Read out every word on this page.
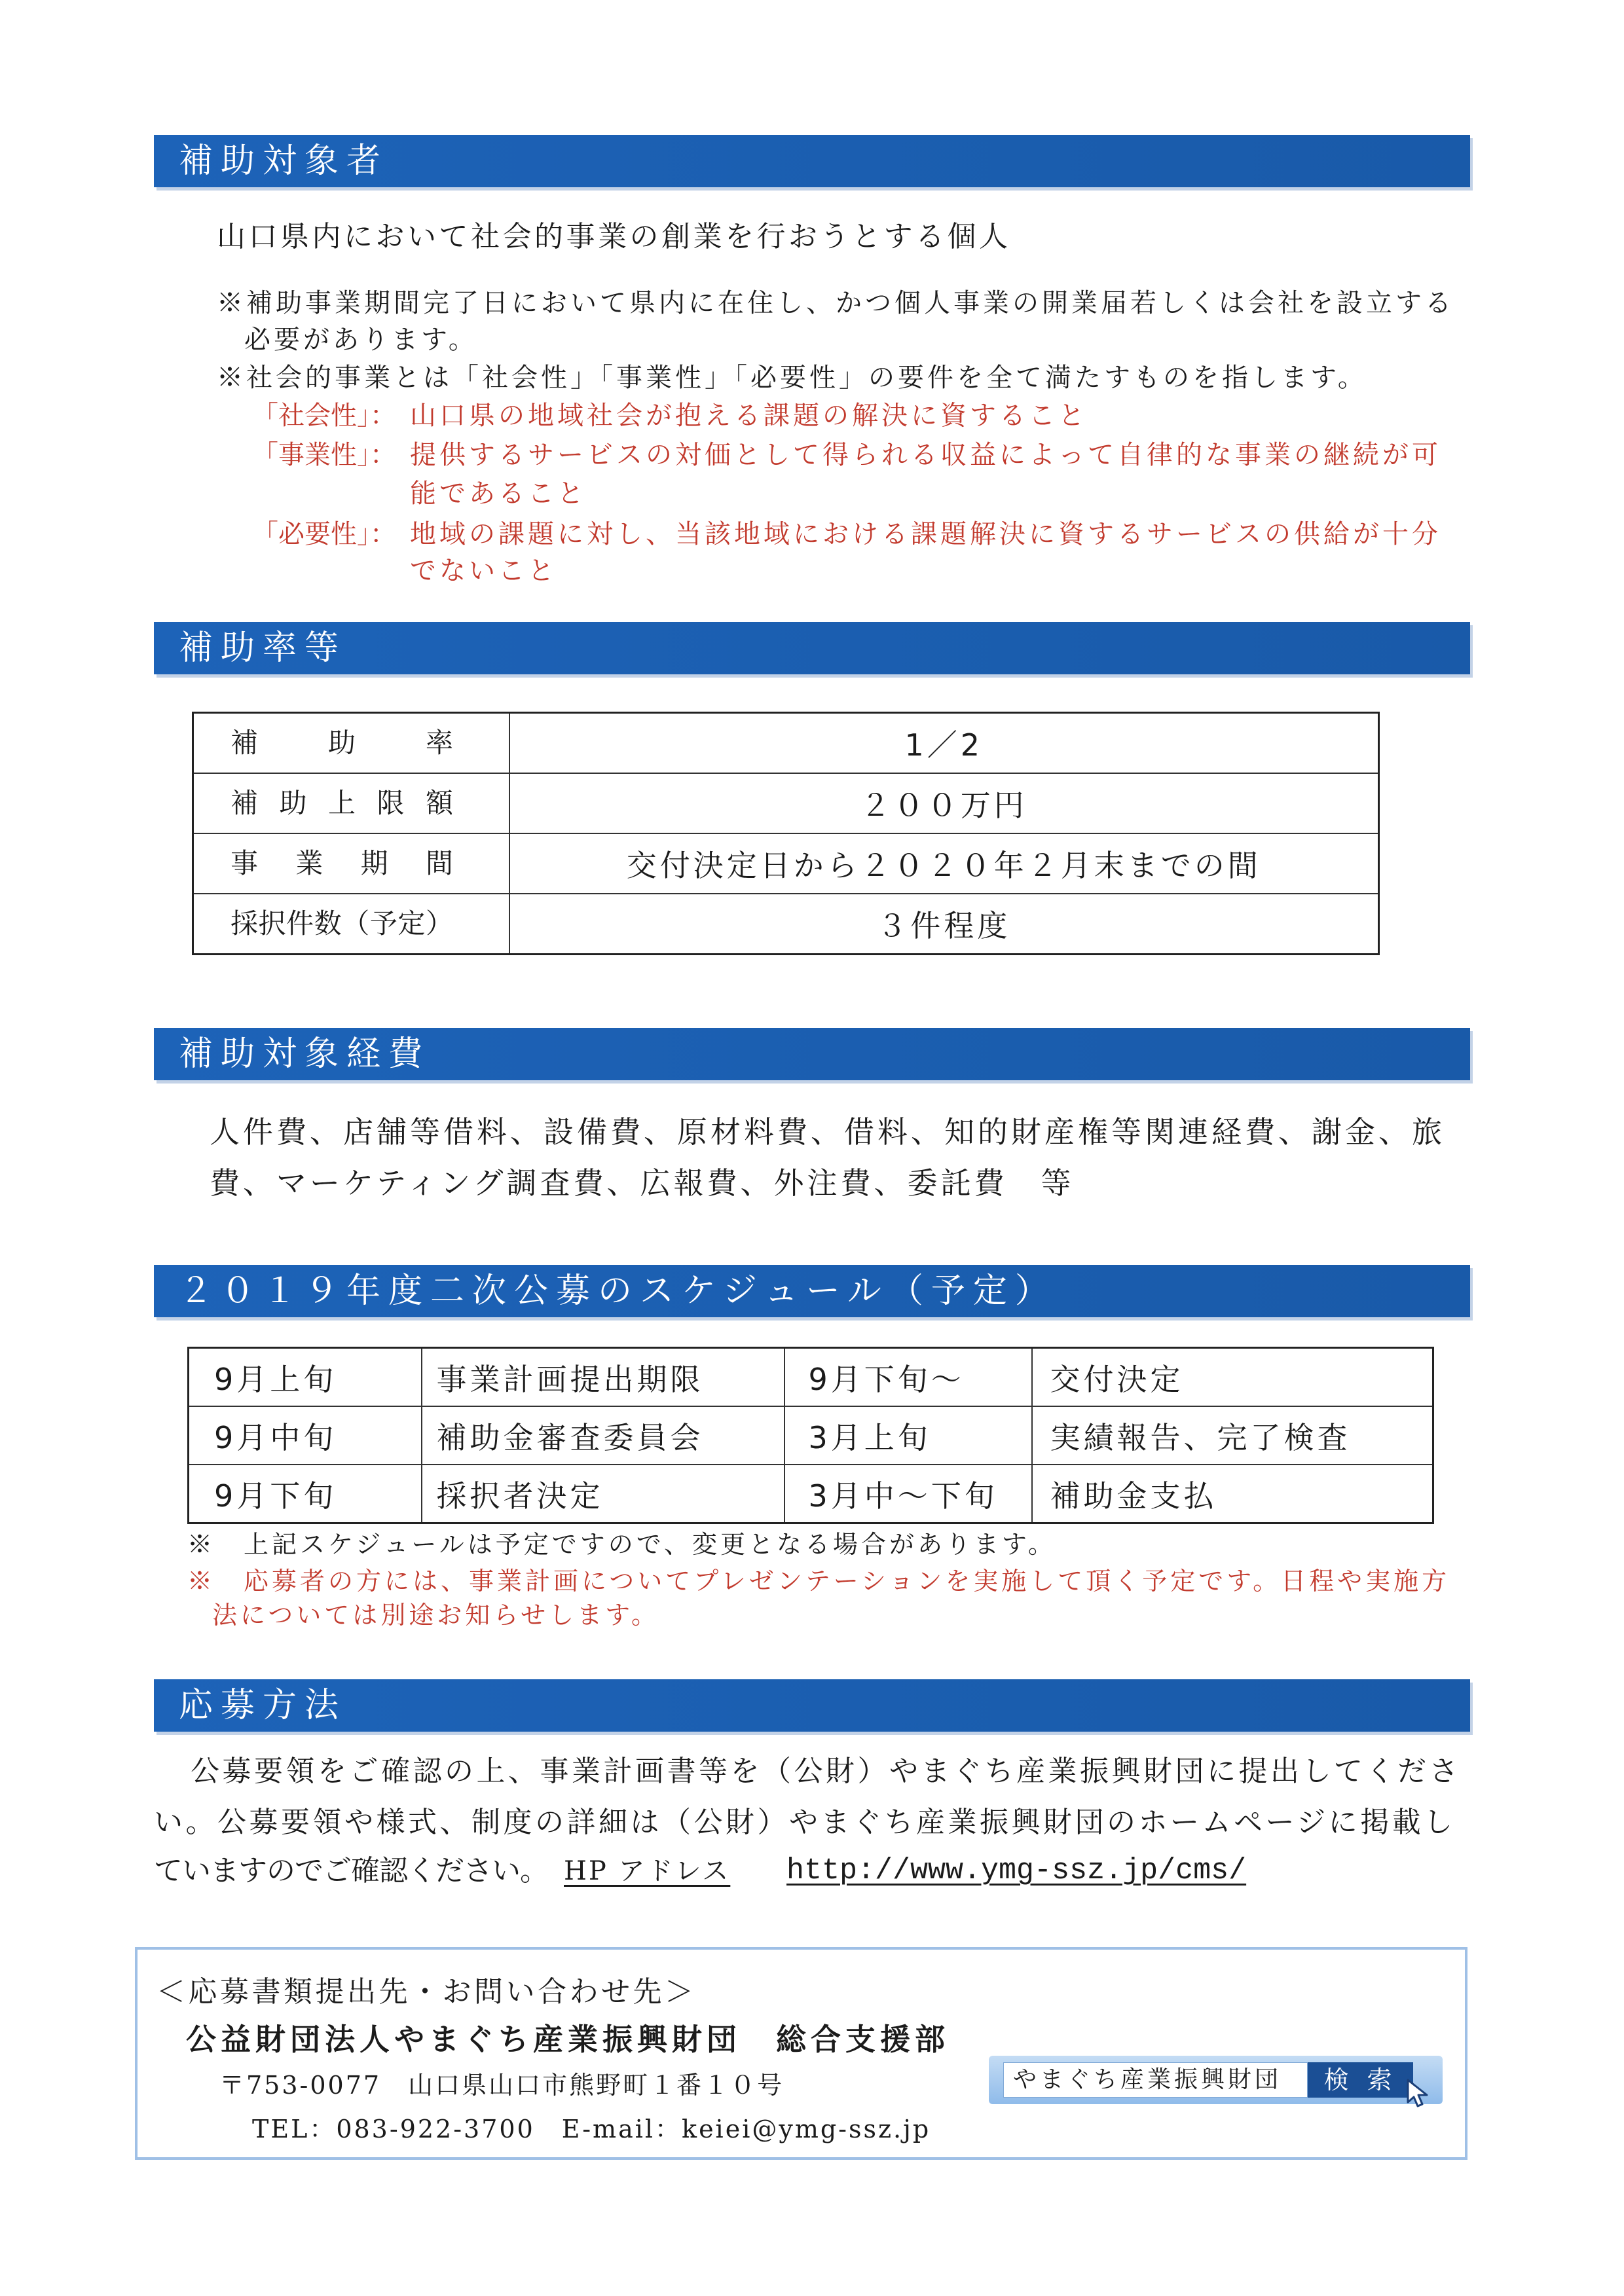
補助対象者
山口県内において社会的事業の創業を行おうとする個人
※補助事業期間完了日において県内に在住し、かつ個人事業の開業届若しくは会社を設立する
必要があります。
※社会的事業とは「社会性」「事業性」「必要性」の要件を全て満たすものを指します。
「社会性」： 山口県の地域社会が抱える課題の解決に資すること
「事業性」： 提供するサービスの対価として得られる収益によって自律的な事業の継続が可
能であること
「必要性」： 地域の課題に対し、当該地域における課題解決に資するサービスの供給が十分
でないこと
補助率等
補　助　率	1／2
補助上限額	２００万円
事　業　期　間	交付決定日から２０２０年２月末までの間
採択件数（予定）	３件程度
補助対象経費
人件費、店舗等借料、設備費、原材料費、借料、知的財産権等関連経費、謝金、旅
費、マーケティング調査費、広報費、外注費、委託費　等
２０１９年度二次公募のスケジュール（予定）
9月上旬	事業計画提出期限	9月下旬～	交付決定
9月中旬	補助金審査委員会	3月上旬	実績報告、完了検査
9月下旬	採択者決定	3月中～下旬	補助金支払
※　上記スケジュールは予定ですので、変更となる場合があります。
※　応募者の方には、事業計画についてプレゼンテーションを実施して頂く予定です。日程や実施方
法については別途お知らせします。
応募方法
公募要領をご確認の上、事業計画書等を（公財）やまぐち産業振興財団に提出してくださ
い。公募要領や様式、制度の詳細は（公財）やまぐち産業振興財団のホームページに掲載し
ていますのでご確認ください。 HP アドレス http://www.ymg-ssz.jp/cms/
＜応募書類提出先・お問い合わせ先＞
公益財団法人やまぐち産業振興財団　総合支援部
〒753-0077　山口県山口市熊野町１番１０号
TEL：083-922-3700　E-mail：keiei@ymg-ssz.jp
やまぐち産業振興財団	検 索
